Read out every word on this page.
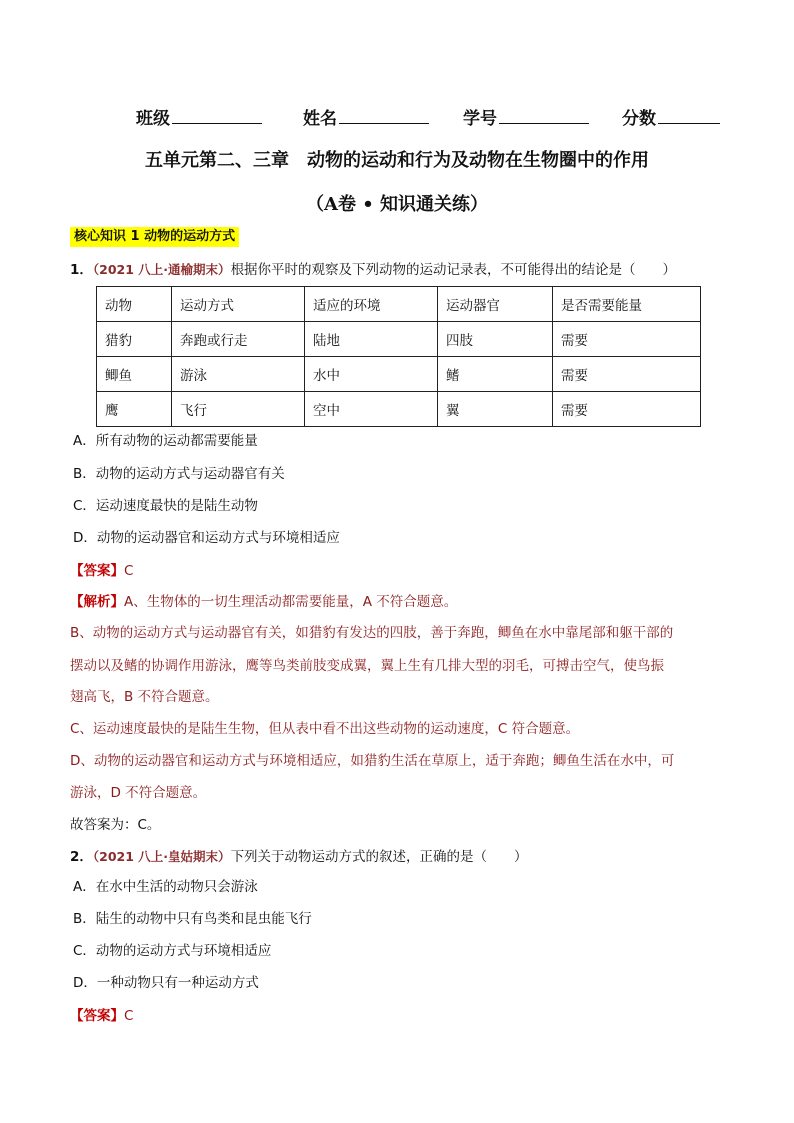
班级	姓名	学号	分数
五单元第二、三章　动物的运动和行为及动物在生物圈中的作用
（A卷 • 知识通关练）
核心知识 1 动物的运动方式
1．（2021 八上·通榆期末）根据你平时的观察及下列动物的运动记录表，不可能得出的结论是（　　）
动物	运动方式	适应的环境	运动器官	是否需要能量
猎豹	奔跑或行走	陆地	四肢	需要
鲫鱼	游泳	水中	鳍	需要
鹰	飞行	空中	翼	需要
A．所有动物的运动都需要能量
B．动物的运动方式与运动器官有关
C．运动速度最快的是陆生动物
D．动物的运动器官和运动方式与环境相适应
【答案】C
【解析】A、生物体的一切生理活动都需要能量，A 不符合题意。
B、动物的运动方式与运动器官有关，如猎豹有发达的四肢，善于奔跑，鲫鱼在水中靠尾部和躯干部的
摆动以及鳍的协调作用游泳，鹰等鸟类前肢变成翼，翼上生有几排大型的羽毛，可搏击空气，使鸟振
翅高飞，B 不符合题意。
C、运动速度最快的是陆生生物，但从表中看不出这些动物的运动速度，C 符合题意。
D、动物的运动器官和运动方式与环境相适应，如猎豹生活在草原上，适于奔跑；鲫鱼生活在水中，可
游泳，D 不符合题意。
故答案为：C。
2．（2021 八上·皇姑期末）下列关于动物运动方式的叙述，正确的是（　　）
A．在水中生活的动物只会游泳
B．陆生的动物中只有鸟类和昆虫能飞行
C．动物的运动方式与环境相适应
D．一种动物只有一种运动方式
【答案】C
